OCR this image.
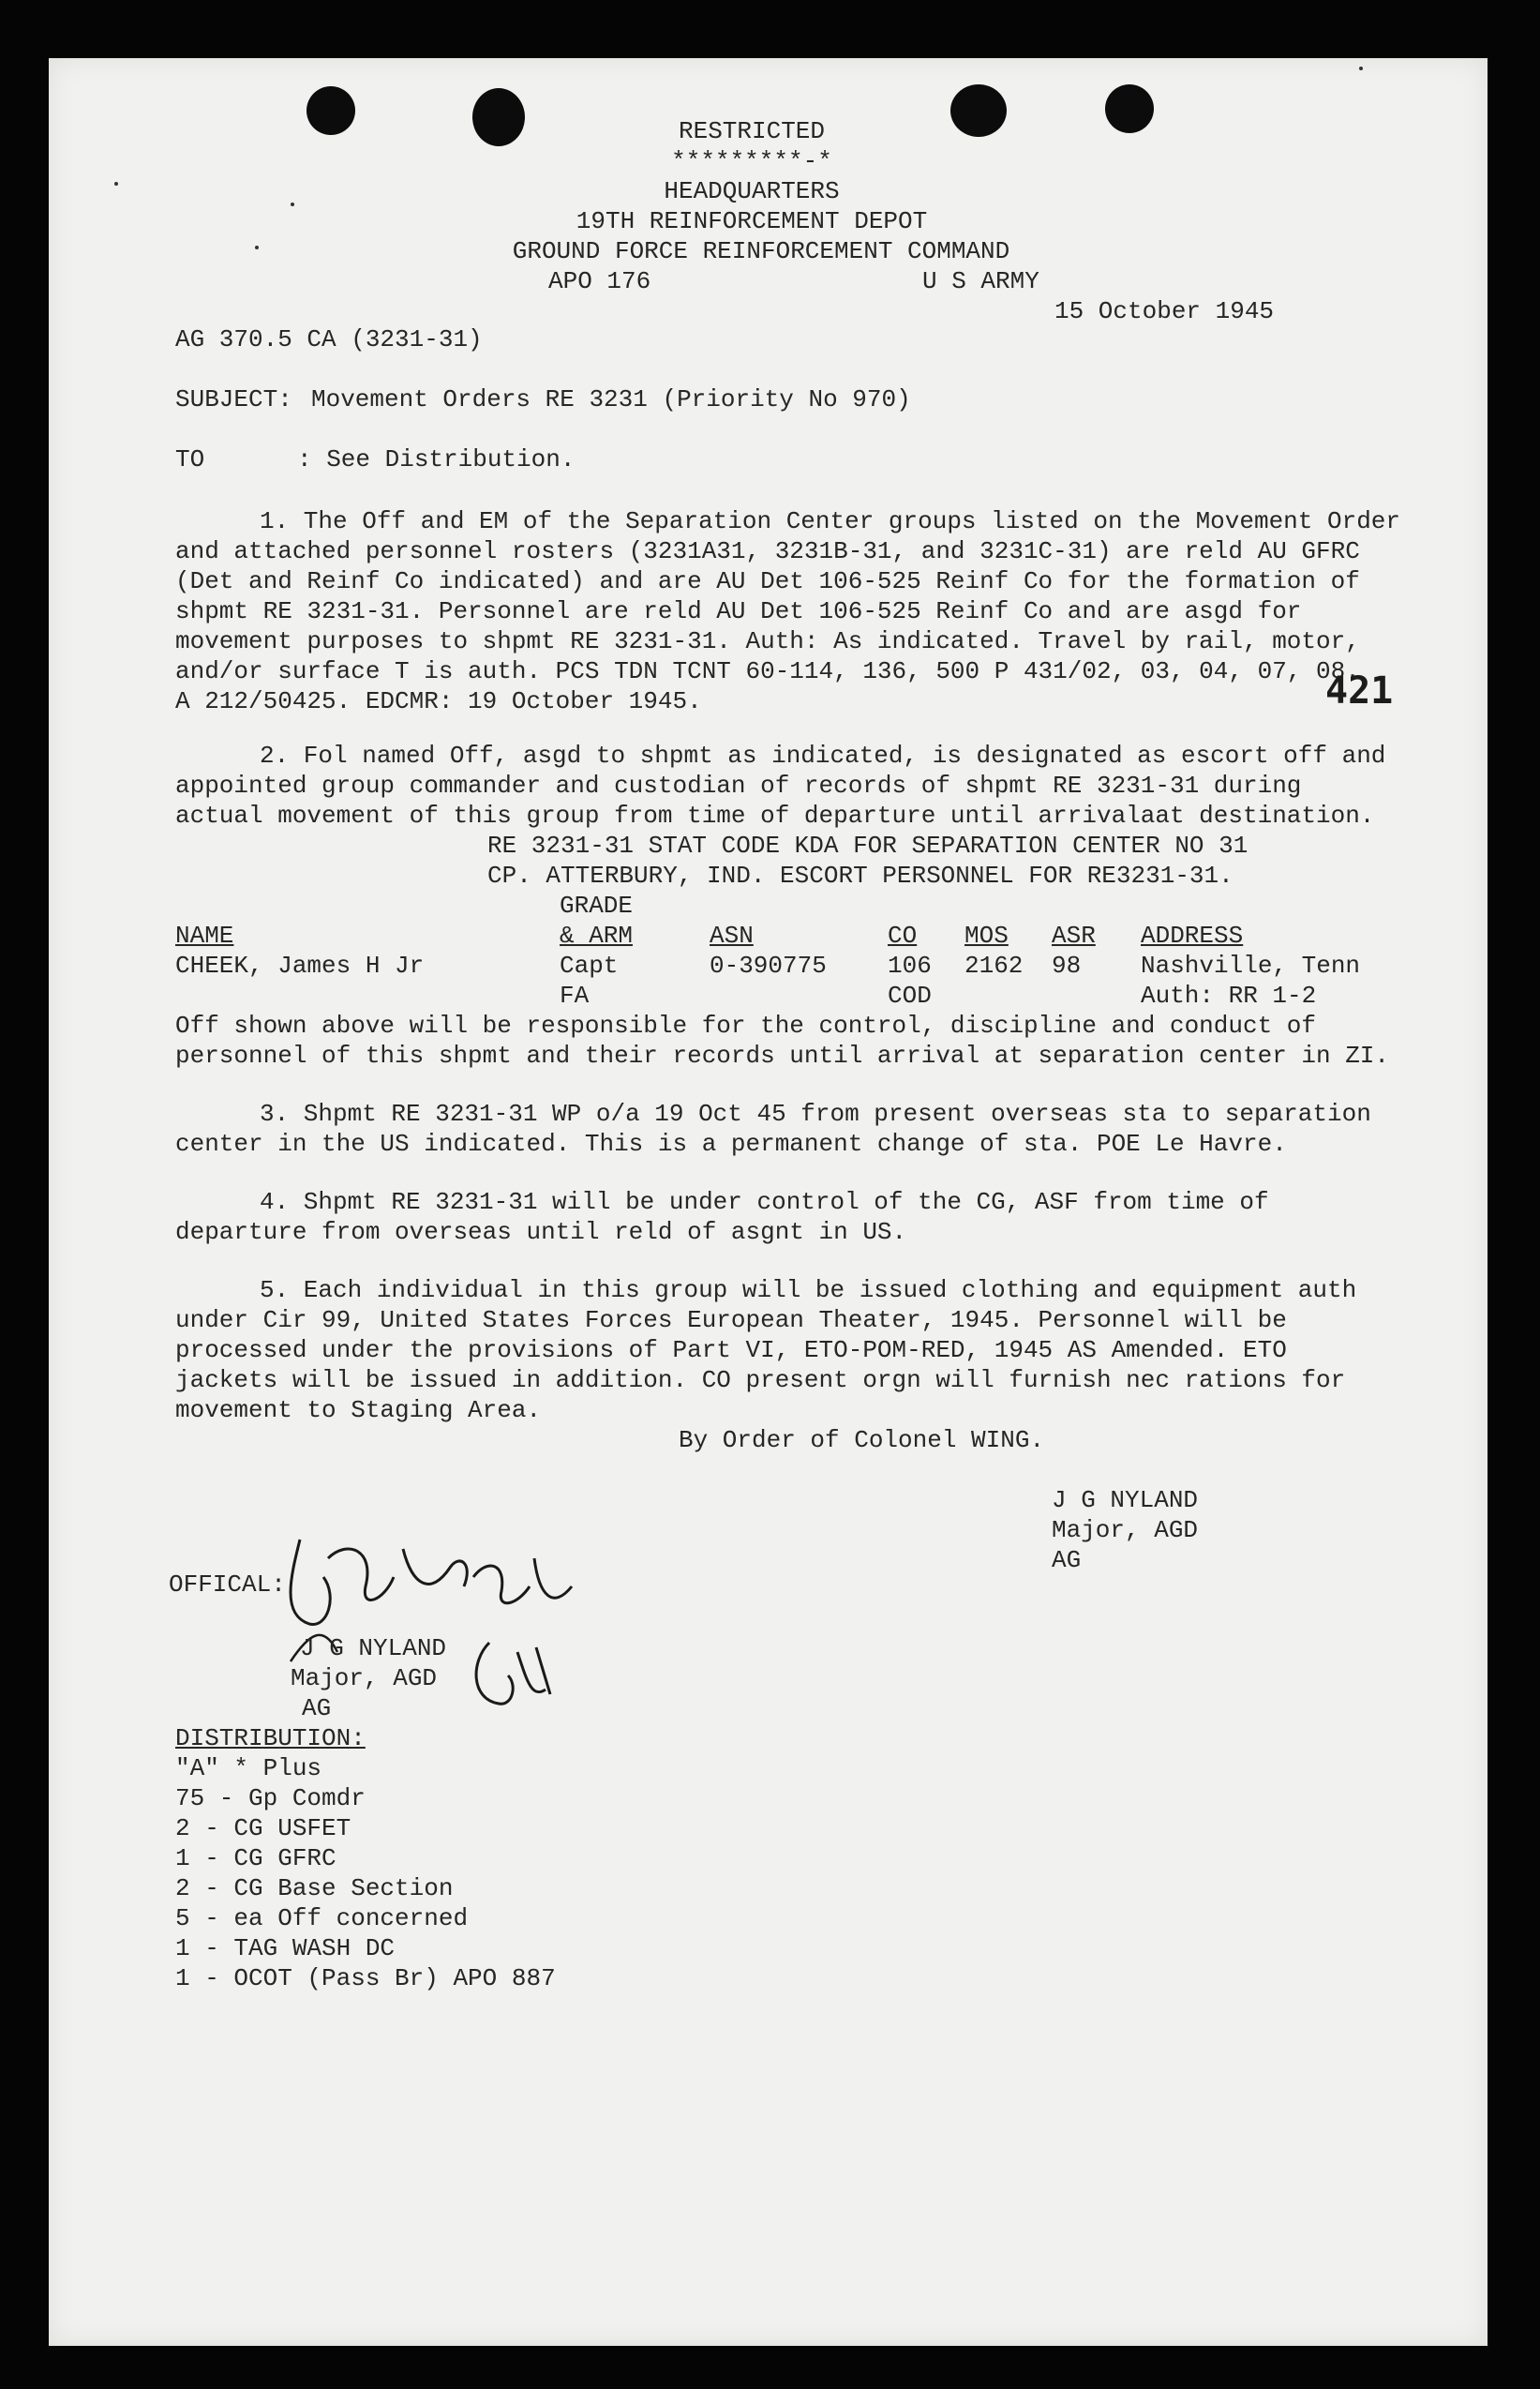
RESTRICTED
*********-*
HEADQUARTERS
19TH REINFORCEMENT DEPOT
GROUND FORCE REINFORCEMENT COMMAND
APO 176	U S ARMY
15 October 1945
AG 370.5 CA (3231-31)
SUBJECT: Movement Orders RE 3231 (Priority No 970)
TO	: See Distribution.

1. The Off and EM of the Separation Center groups listed on the Movement Order

and attached personnel rosters (3231A31, 3231B-31, and 3231C-31) are reld AU GFRC

(Det and Reinf Co indicated) and are AU Det 106-525 Reinf Co for the formation of

shpmt RE 3231-31. Personnel are reld AU Det 106-525 Reinf Co and are asgd for

movement purposes to shpmt RE 3231-31. Auth: As indicated. Travel by rail, motor,

and/or surface T is auth. PCS TDN TCNT 60-114, 136, 500 P 431/02, 03, 04, 07, 08.

A 212/50425. EDCMR: 19 October 1945.	421

2. Fol named Off, asgd to shpmt as indicated, is designated as escort off and

appointed group commander and custodian of records of shpmt RE 3231-31 during

actual movement of this group from time of departure until arrivalaat destination.

RE 3231-31 STAT CODE KDA FOR SEPARATION CENTER NO 31
CP. ATTERBURY, IND. ESCORT PERSONNEL FOR RE3231-31.
GRADE
NAME	& ARM	ASN	CO MOS ASR ADDRESS
CHEEK, James H Jr	Capt	0-390775	106 2162 98 Nashville, Tenn
FA	COD	Auth: RR 1-2

Off shown above will be responsible for the control, discipline and conduct of

personnel of this shpmt and their records until arrival at separation center in ZI.

3. Shpmt RE 3231-31 WP o/a 19 Oct 45 from present overseas sta to separation

center in the US indicated. This is a permanent change of sta. POE Le Havre.

4. Shpmt RE 3231-31 will be under control of the CG, ASF from time of

departure from overseas until reld of asgnt in US.

5. Each individual in this group will be issued clothing and equipment auth

under Cir 99, United States Forces European Theater, 1945. Personnel will be

processed under the provisions of Part VI, ETO-POM-RED, 1945 AS Amended. ETO

jackets will be issued in addition. CO present orgn will furnish nec rations for

movement to Staging Area.

By Order of Colonel WING.
J G NYLAND
Major, AGD
AG
OFFICAL:
J G NYLAND
Major, AGD
AG
DISTRIBUTION:
"A" * Plus
75 - Gp Comdr
2 - CG USFET
1 - CG GFRC
2 - CG Base Section
5 - ea Off concerned
1 - TAG WASH DC
1 - OCOT (Pass Br) APO 887
